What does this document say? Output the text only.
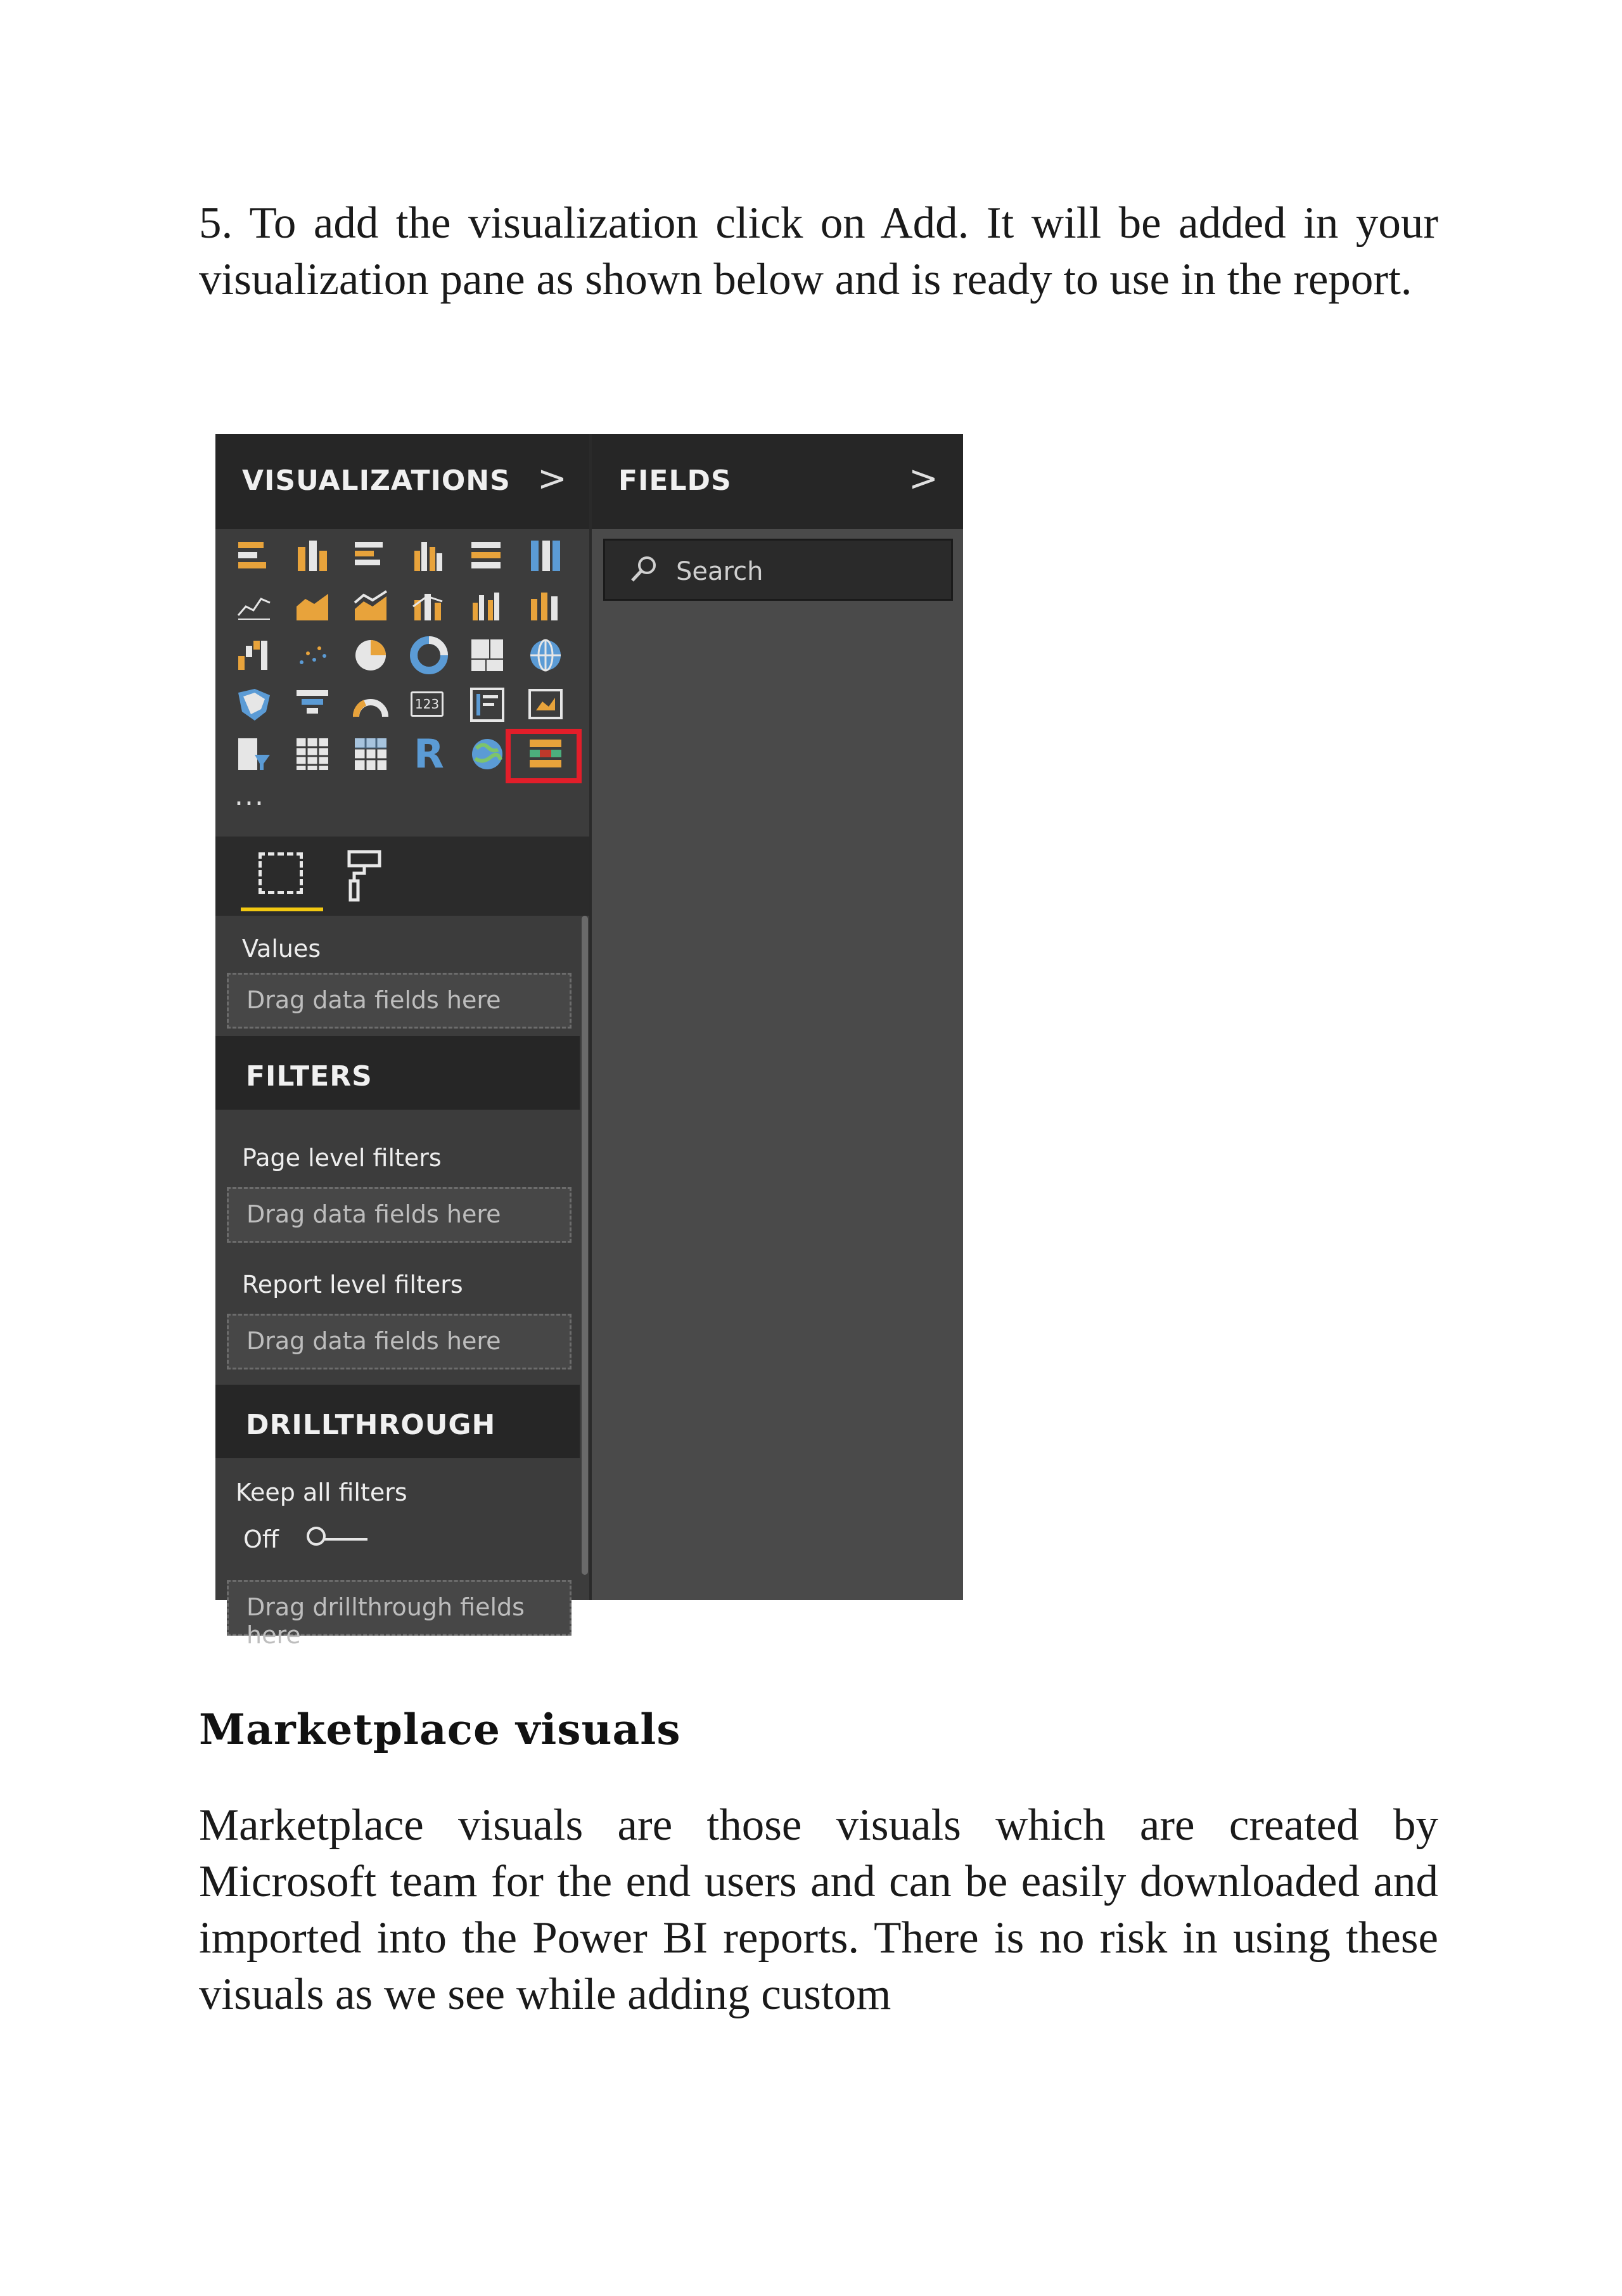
5. To add the visualization click on Add. It will be added in your visualization pane as shown below and is ready to use in the report.

VISUALIZATIONS >
123
R
...
Values
Drag data fields here
FILTERS
Page level filters
Drag data fields here
Report level filters
Drag data fields here
DRILLTHROUGH
Keep all filters
Off
Drag drillthrough fields here
FIELDS	>
Search
Marketplace visuals

Marketplace visuals are those visuals which are created by Microsoft team for the end users and can be easily downloaded and imported into the Power BI reports. There is no risk in using these visuals as we see while adding custom
